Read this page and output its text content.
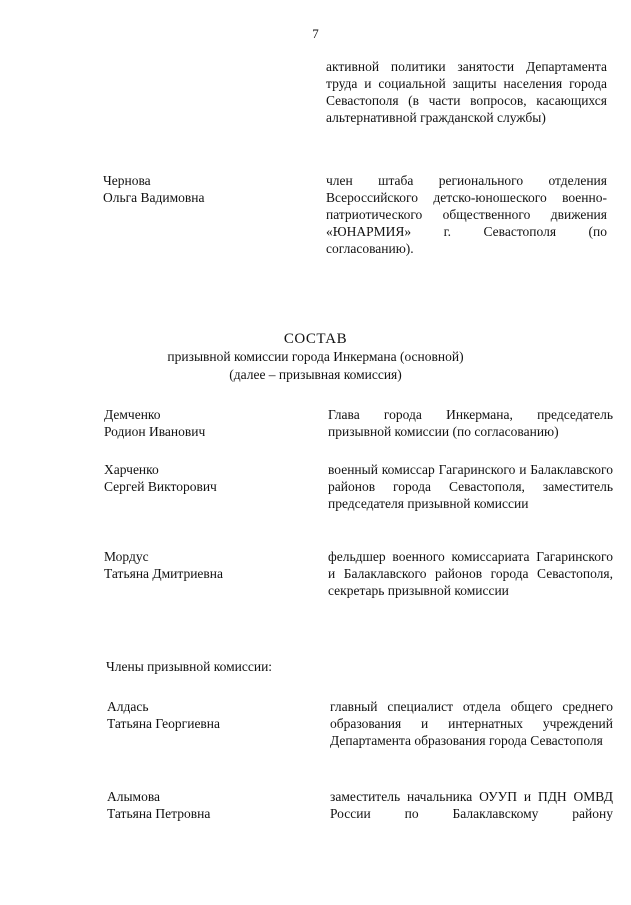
7
активной политики занятости Департамента труда и социальной защиты населения города Севастополя (в части вопросов, касающихся альтернативной гражданской службы)
Чернова
Ольга Вадимовна
член штаба регионального отделения Всероссийского детско-юношеского военно-патриотического общественного движения «ЮНАРМИЯ» г. Севастополя (по согласованию).
СОСТАВ
призывной комиссии города Инкермана (основной)
(далее – призывная комиссия)
Демченко
Родион Иванович
Глава города Инкермана, председатель призывной комиссии (по согласованию)
Харченко
Сергей Викторович
военный комиссар Гагаринского и Балаклавского районов города Севастополя, заместитель председателя призывной комиссии
Мордус
Татьяна Дмитриевна
фельдшер военного комиссариата Гагаринского и Балаклавского районов города Севастополя, секретарь призывной комиссии
Алдась
Татьяна Георгиевна
главный специалист отдела общего среднего образования и интернатных учреждений Департамента образования города Севастополя
Алымова
Татьяна Петровна
заместитель начальника ОУУП и ПДН ОМВД России по Балаклавскому району
Члены призывной комиссии:
